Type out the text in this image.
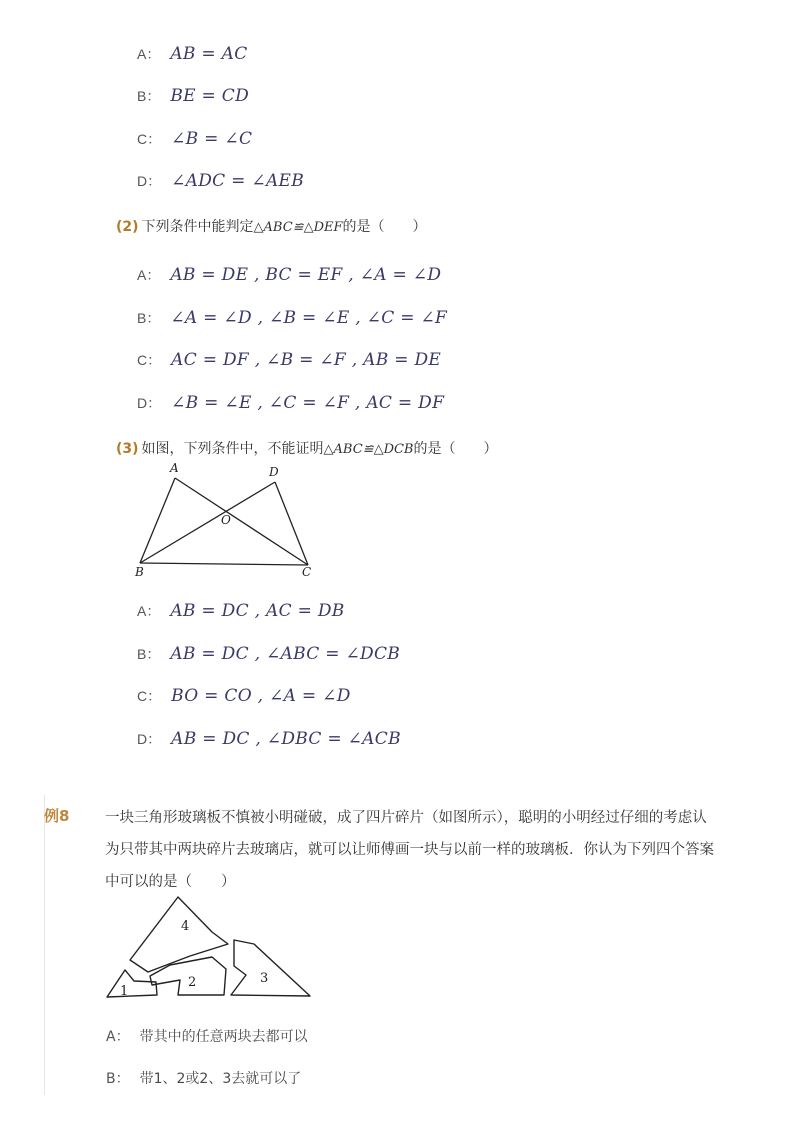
A： AB = AC
B： BE = CD
C： ∠B = ∠C
D： ∠ADC = ∠AEB
(2) 下列条件中能判定△ABC≌△DEF的是（　　）
A： AB = DE , BC = EF , ∠A = ∠D
B： ∠A = ∠D , ∠B = ∠E , ∠C = ∠F
C： AC = DF , ∠B = ∠F , AB = DE
D： ∠B = ∠E , ∠C = ∠F , AC = DF
(3) 如图，下列条件中，不能证明△ABC≌△DCB的是（　　）
A	D
O
B	C
A： AB = DC , AC = DB
B： AB = DC , ∠ABC = ∠DCB
C： BO = CO , ∠A = ∠D
D： AB = DC , ∠DBC = ∠ACB
例8 一块三角形玻璃板不慎被小明碰破，成了四片碎片（如图所示），聪明的小明经过仔细的考虑认
为只带其中两块碎片去玻璃店，就可以让师傅画一块与以前一样的玻璃板．你认为下列四个答案
中可以的是（　　）
1
2	3
4
A： 带其中的任意两块去都可以
B： 带1、2或2、3去就可以了
